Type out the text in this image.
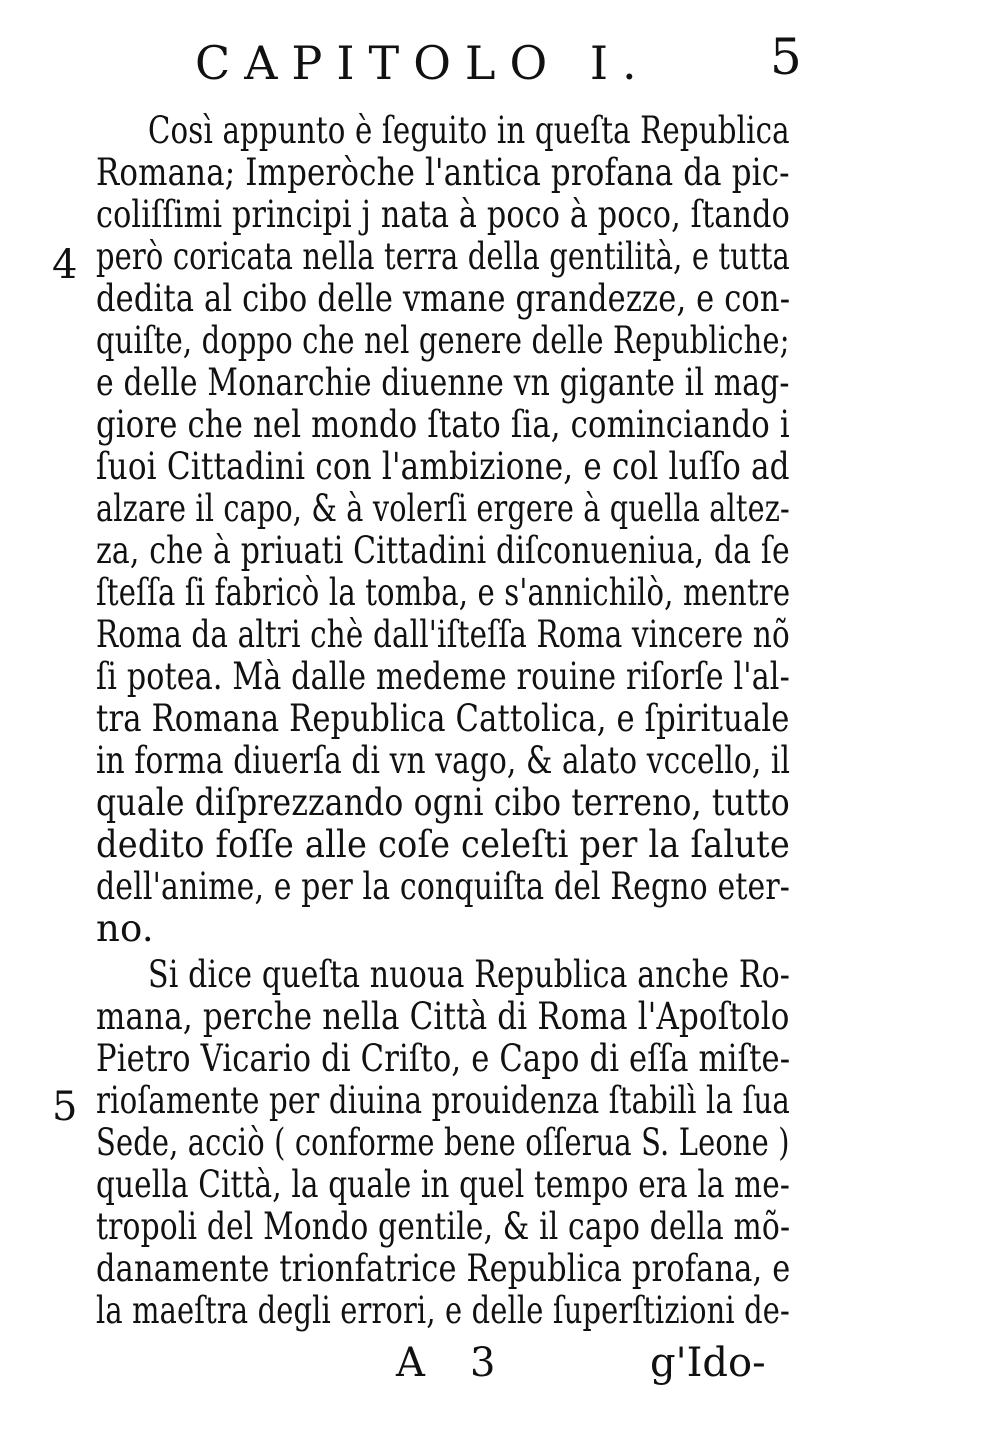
CAPITOLO I. 5
4
5
Così appunto è ſeguito in queſta Republica
Romana; Imperòche l'antica profana da pic-
coliſſimi principi j nata à poco à poco, ſtando
però coricata nella terra della gentilità, e tutta
dedita al cibo delle vmane grandezze, e con-
quiſte, doppo che nel genere delle Republiche;
e delle Monarchie diuenne vn gigante il mag-
giore che nel mondo ſtato ſia, cominciando i
ſuoi Cittadini con l'ambizione, e col luſſo ad
alzare il capo, & à volerſi ergere à quella altez-
za, che à priuati Cittadini diſconueniua, da ſe
ſteſſa ſi fabricò la tomba, e s'annichilò, mentre
Roma da altri chè dall'iſteſſa Roma vincere nõ
ſi potea. Mà dalle medeme rouine riſorſe l'al-
tra Romana Republica Cattolica, e ſpirituale
in forma diuerſa di vn vago, & alato vccello, il
quale diſprezzando ogni cibo terreno, tutto
dedito foſſe alle coſe celeſti per la ſalute
dell'anime, e per la conquiſta del Regno eter-
no.
Si dice queſta nuoua Republica anche Ro-
mana, perche nella Città di Roma l'Apoſtolo
Pietro Vicario di Criſto, e Capo di eſſa miſte-
rioſamente per diuina prouidenza ſtabilì la ſua
Sede, acciò ( conforme bene oſſerua S. Leone )
quella Città, la quale in quel tempo era la me-
tropoli del Mondo gentile, & il capo della mõ-
danamente trionfatrice Republica profana, e
la maeſtra degli errori, e delle ſuperſtizioni de-
A 3	g'Ido-
